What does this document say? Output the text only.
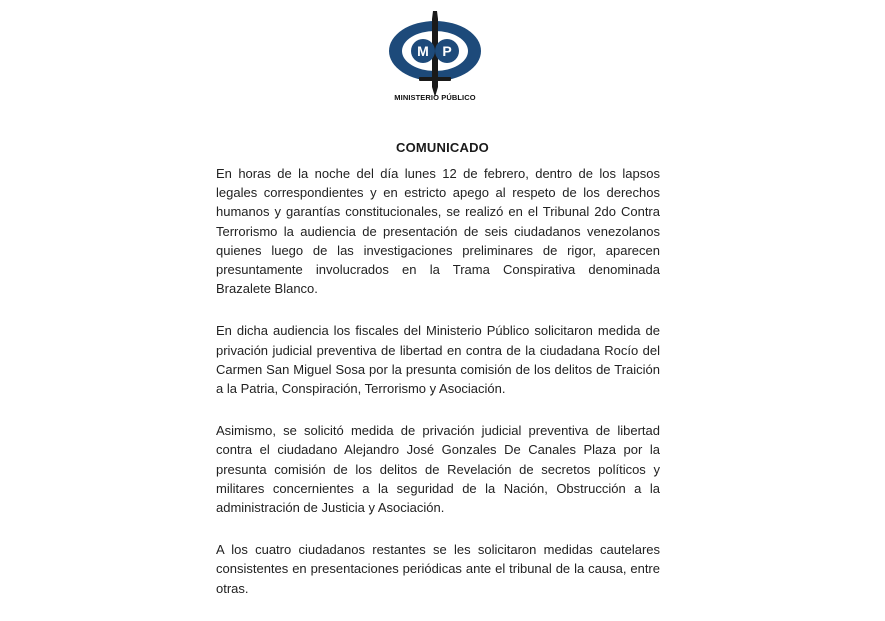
M P
MINISTERIO PÚBLICO
COMUNICADO

En horas de la noche del día lunes 12 de febrero, dentro de los lapsos legales correspondientes y en estricto apego al respeto de los derechos humanos y garantías constitucionales, se realizó en el Tribunal 2do Contra Terrorismo la audiencia de presentación de seis ciudadanos venezolanos quienes luego de las investigaciones preliminares de rigor, aparecen presuntamente involucrados en la Trama Conspirativa denominada Brazalete Blanco.

En dicha audiencia los fiscales del Ministerio Público solicitaron medida de privación judicial preventiva de libertad en contra de la ciudadana Rocío del Carmen San Miguel Sosa por la presunta comisión de los delitos de Traición a la Patria, Conspiración, Terrorismo y Asociación.

Asimismo, se solicitó medida de privación judicial preventiva de libertad contra el ciudadano Alejandro José Gonzales De Canales Plaza por la presunta comisión de los delitos de Revelación de secretos políticos y militares concernientes a la seguridad de la Nación, Obstrucción a la administración de Justicia y Asociación.

A los cuatro ciudadanos restantes se les solicitaron medidas cautelares consistentes en presentaciones periódicas ante el tribunal de la causa, entre otras.
